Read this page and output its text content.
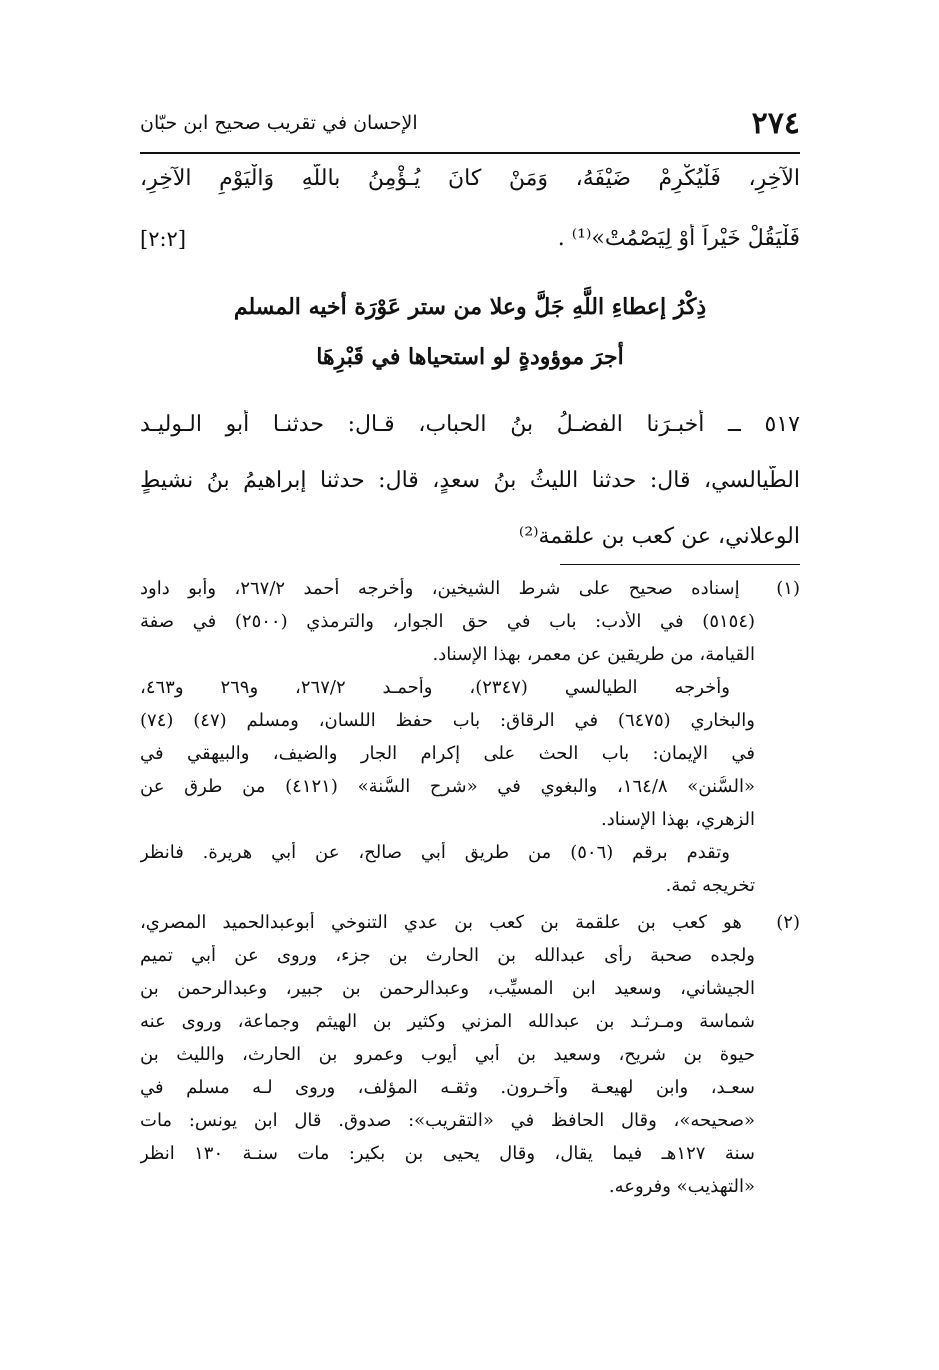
٢٧٤
الإحسان في تقريب صحيح ابن حبّان
الآخِرِ، فَلْيُكْرِمْ ضَيْفَهُ، وَمَنْ كانَ يُـؤْمِنُ باللَّهِ وَالْيَوْمِ الآخِرِ،
فَلْيَقُلْ خَيْراً أَوْ لِيَصْمُتْ»⁽¹⁾ .
[٢:٢]
ذِكْرُ إعطاءِ اللَّهِ جَلَّ وعلا من ستر عَوْرَة أخيه المسلم
أجرَ موؤودةٍ لو استحياها في قَبْرِهَا
٥١٧ ــ أخبـرَنا الفضـلُ بنُ الحباب، قـال: حدثنـا أبو الـوليـد
الطَّيالسي، قال: حدثنا الليثُ بنُ سعدٍ، قال: حدثنا إبراهيمُ بنُ نشيطٍ
الوعلاني، عن كعب بن علقمة⁽²⁾
(١) إسناده صحيح على شرط الشيخين، وأخرجه أحمد ٢٦٧/٢، وأبو داود
(٥١٥٤) في الأدب: باب في حق الجوار، والترمذي (٢٥٠٠) في صفة
القيامة، من طريقين عن معمر، بهذا الإسناد.
وأخرجه الطيالسي (٢٣٤٧)، وأحمـد ٢٦٧/٢، و٢٦٩ و٤٦٣،
والبخاري (٦٤٧٥) في الرقاق: باب حفظ اللسان، ومسلم (٤٧) (٧٤)
في الإيمان: باب الحث على إكرام الجار والضيف، والبيهقي في
«السُّنن» ١٦٤/٨، والبغوي في «شرح السُّنة» (٤١٢١) من طرق عن
الزهري، بهذا الإسناد.
وتقدم برقم (٥٠٦) من طريق أبي صالح، عن أبي هريرة. فانظر
تخريجه ثمة.
(٢) هو كعب بن علقمة بن كعب بن عدي التنوخي أبوعبدالحميد المصري،
ولجده صحبة رأى عبدالله بن الحارث بن جزء، وروى عن أبي تميم
الجيشاني، وسعيد ابن المسيِّب، وعبدالرحمن بن جبير، وعبدالرحمن بن
شماسة ومـرثـد بن عبدالله المزني وكثير بن الهيثم وجماعة، وروى عنه
حيوة بن شريح، وسعيد بن أبي أيوب وعمرو بن الحارث، والليث بن
سعـد، وابن لهيعـة وآخـرون. وثقـه المؤلف، وروى لـه مسلم في
«صحيحه»، وقال الحافظ في «التقريب»: صدوق. قال ابن يونس: مات
سنة ١٢٧هـ فيما يقال، وقال يحيى بن بكير: مات سنـة ١٣٠ انظر
«التهذيب» وفروعه.
